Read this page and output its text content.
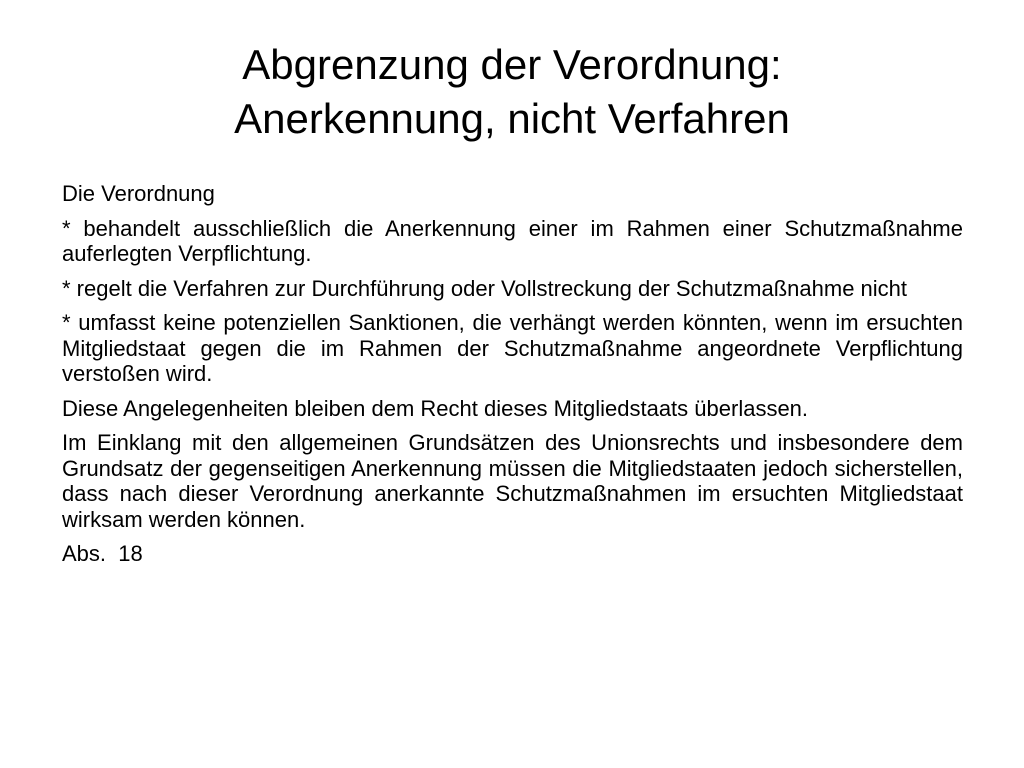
Abgrenzung der Verordnung:
Anerkennung, nicht Verfahren

Die Verordnung

* behandelt ausschließlich die Anerkennung einer im Rahmen einer Schutzmaßnahme auferlegten Verpflichtung.

* regelt die Verfahren zur Durchführung oder Vollstreckung der Schutzmaßnahme nicht

* umfasst keine potenziellen Sanktionen, die verhängt werden könnten, wenn im ersuchten Mitgliedstaat gegen die im Rahmen der Schutzmaßnahme angeordnete Verpflichtung verstoßen wird.

Diese Angelegenheiten bleiben dem Recht dieses Mitgliedstaats überlassen.

Im Einklang mit den allgemeinen Grundsätzen des Unionsrechts und insbesondere dem Grundsatz der gegenseitigen Anerkennung müssen die Mitgliedstaaten jedoch sicherstellen, dass nach dieser Verordnung anerkannte Schutzmaßnahmen im ersuchten Mitgliedstaat wirksam werden können.

Abs.  18
